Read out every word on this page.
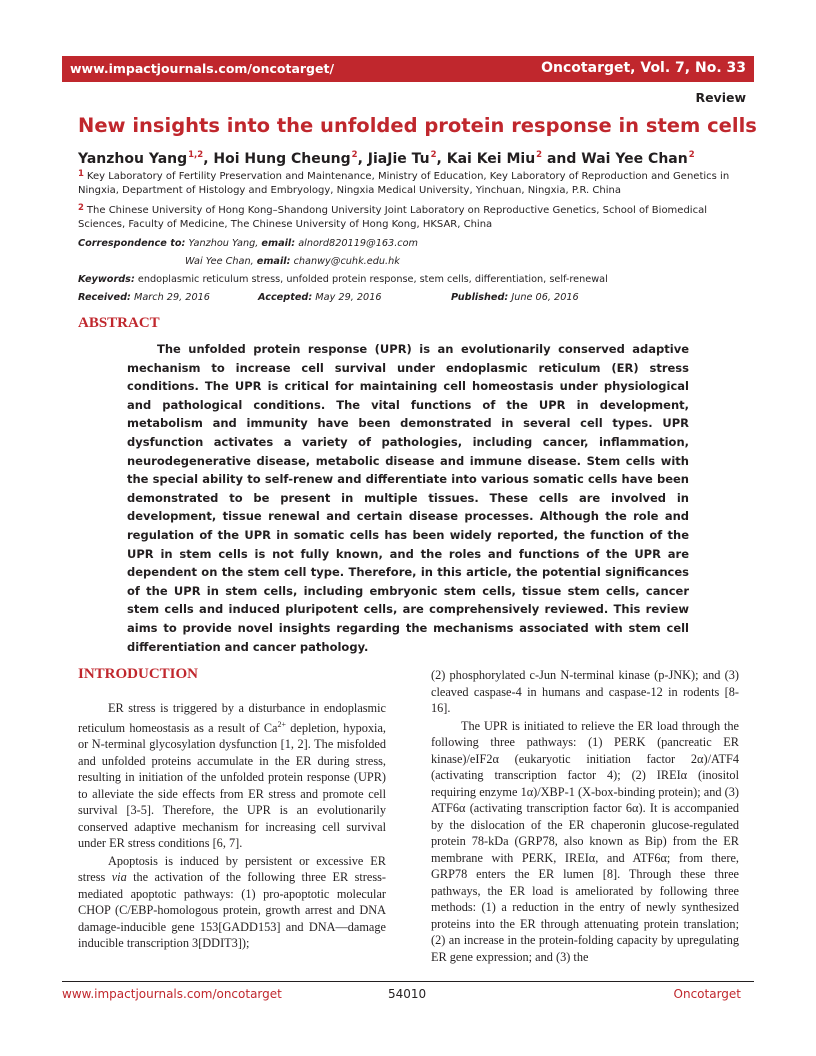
www.impactjournals.com/oncotarget/	Oncotarget, Vol. 7, No. 33
Review
New insights into the unfolded protein response in stem cells
Yanzhou Yang$^{1,2}$, Hoi Hung Cheung$^2$, JiaJie Tu$^2$, Kai Kei Miu$^2$ and Wai Yee Chan$^2$
$^1$ Key Laboratory of Fertility Preservation and Maintenance, Ministry of Education, Key Laboratory of Reproduction and Genetics in Ningxia, Department of Histology and Embryology, Ningxia Medical University, Yinchuan, Ningxia, P.R. China
$^2$ The Chinese University of Hong Kong–Shandong University Joint Laboratory on Reproductive Genetics, School of Biomedical Sciences, Faculty of Medicine, The Chinese University of Hong Kong, HKSAR, China
Correspondence to: Yanzhou Yang, email: alnord820119@163.com
Wai Yee Chan, email: chanwy@cuhk.edu.hk
Keywords: endoplasmic reticulum stress, unfolded protein response, stem cells, differentiation, self-renewal
Received: March 29, 2016	Accepted: May 29, 2016	Published: June 06, 2016
ABSTRACT

The unfolded protein response (UPR) is an evolutionarily conserved adaptive mechanism to increase cell survival under endoplasmic reticulum (ER) stress conditions. The UPR is critical for maintaining cell homeostasis under physiological and pathological conditions. The vital functions of the UPR in development, metabolism and immunity have been demonstrated in several cell types. UPR dysfunction activates a variety of pathologies, including cancer, inflammation, neurodegenerative disease, metabolic disease and immune disease. Stem cells with the special ability to self-renew and differentiate into various somatic cells have been demonstrated to be present in multiple tissues. These cells are involved in development, tissue renewal and certain disease processes. Although the role and regulation of the UPR in somatic cells has been widely reported, the function of the UPR in stem cells is not fully known, and the roles and functions of the UPR are dependent on the stem cell type. Therefore, in this article, the potential significances of the UPR in stem cells, including embryonic stem cells, tissue stem cells, cancer stem cells and induced pluripotent cells, are comprehensively reviewed. This review aims to provide novel insights regarding the mechanisms associated with stem cell differentiation and cancer pathology.

INTRODUCTION

ER stress is triggered by a disturbance in endoplasmic reticulum homeostasis as a result of $Ca^{2+}$ depletion, hypoxia, or N-terminal glycosylation dysfunction [1, 2]. The misfolded and unfolded proteins accumulate in the ER during stress, resulting in initiation of the unfolded protein response (UPR) to alleviate the side effects from ER stress and promote cell survival [3-5]. Therefore, the UPR is an evolutionarily conserved adaptive mechanism for increasing cell survival under ER stress conditions [6, 7].

Apoptosis is induced by persistent or excessive ER stress via the activation of the following three ER stress-mediated apoptotic pathways: (1) pro-apoptotic molecular CHOP (C/EBP-homologous protein, growth arrest and DNA damage-inducible gene 153[GADD153] and DNA—damage inducible transcription 3[DDIT3]);

(2) phosphorylated c-Jun N-terminal kinase (p-JNK); and (3) cleaved caspase-4 in humans and caspase-12 in rodents [8-16].

The UPR is initiated to relieve the ER load through the following three pathways: (1) PERK (pancreatic ER kinase)/eIF2α (eukaryotic initiation factor 2α)/ATF4 (activating transcription factor 4); (2) IREIα (inositol requiring enzyme 1α)/XBP-1 (X-box-binding protein); and (3) ATF6α (activating transcription factor 6α). It is accompanied by the dislocation of the ER chaperonin glucose-regulated protein 78-kDa (GRP78, also known as Bip) from the ER membrane with PERK, IREIα, and ATF6α; from there, GRP78 enters the ER lumen [8]. Through these three pathways, the ER load is ameliorated by following three methods: (1) a reduction in the entry of newly synthesized proteins into the ER through attenuating protein translation; (2) an increase in the protein-folding capacity by upregulating ER gene expression; and (3) the

www.impactjournals.com/oncotarget	54010	Oncotarget
